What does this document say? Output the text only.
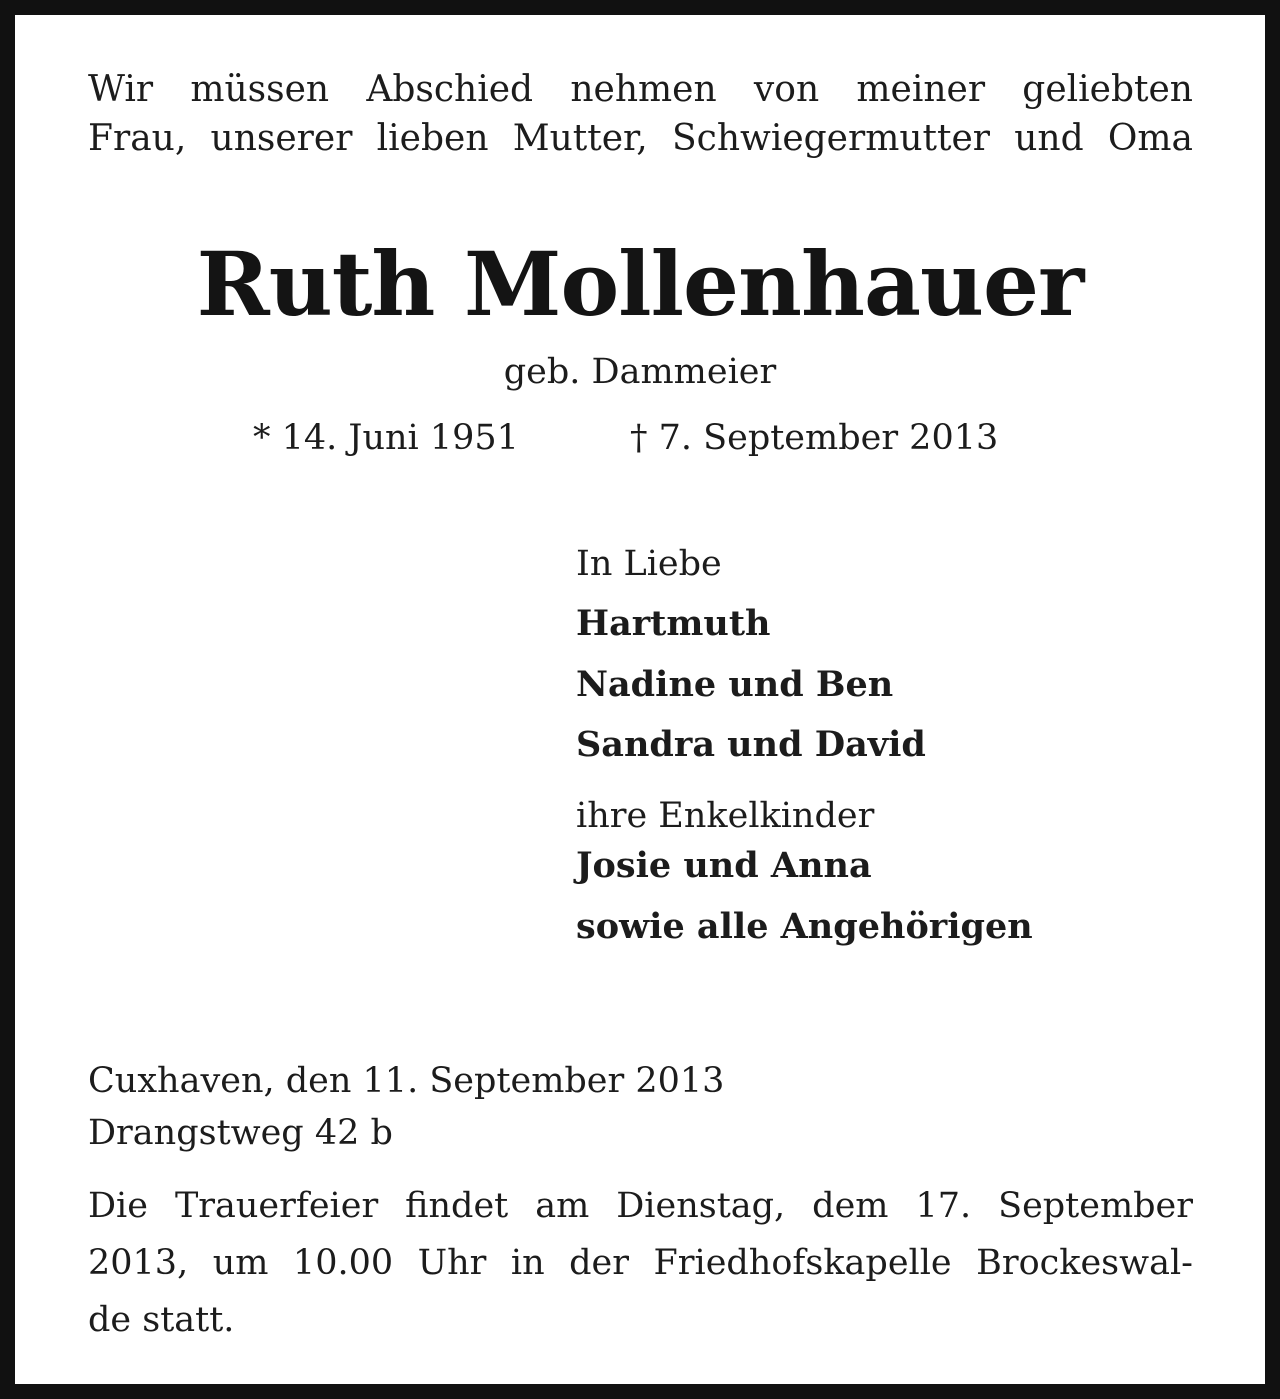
Wir müssen Abschied nehmen von meiner geliebten
Frau, unserer lieben Mutter, Schwiegermutter und Oma
Ruth Mollenhauer
geb. Dammeier
* 14. Juni 1951	† 7. September 2013
In Liebe
Hartmuth
Nadine und Ben
Sandra und David
ihre Enkelkinder
Josie und Anna
sowie alle Angehörigen
Cuxhaven, den 11. September 2013
Drangstweg 42 b
Die Trauerfeier findet am Dienstag, dem 17. September
2013, um 10.00 Uhr in der Friedhofskapelle Brockeswal-
de statt.
